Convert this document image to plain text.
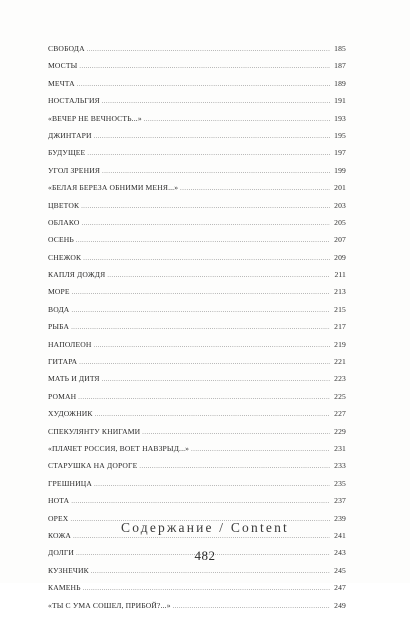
СВОБОДА .....	185
МОСТЫ .....	187
МЕЧТА .....	189
НОСТАЛЬГИЯ .....	191
«ВЕЧЕР НЕ ВЕЧНОСТЬ...» .....	193
ДЖИНТАРИ .....	195
БУДУЩЕЕ .....	197
УГОЛ ЗРЕНИЯ .....	199
«БЕЛАЯ БЕРЕЗА ОБНИМИ МЕНЯ...» .....	201
ЦВЕТОК .....	203
ОБЛАКО .....	205
ОСЕНЬ .....	207
СНЕЖОК .....	209
КАПЛЯ ДОЖДЯ .....	211
МОРЕ .....	213
ВОДА .....	215
РЫБА .....	217
НАПОЛЕОН .....	219
ГИТАРА .....	221
МАТЬ И ДИТЯ .....	223
РОМАН .....	225
ХУДОЖНИК .....	227
СПЕКУЛЯНТУ КНИГАМИ .....	229
«ПЛАЧЕТ РОССИЯ, ВОЕТ НАВЗРЫД...» .....	231
СТАРУШКА НА ДОРОГЕ .....	233
ГРЕШНИЦА .....	235
НОТА .....	237
ОРЕХ .....	239
КОЖА .....	241
ДОЛГИ .....	243
КУЗНЕЧИК .....	245
КАМЕНЬ .....	247
«ТЫ С УМА СОШЕЛ, ПРИБОЙ?...» .....	249
Содержание / Content
482
